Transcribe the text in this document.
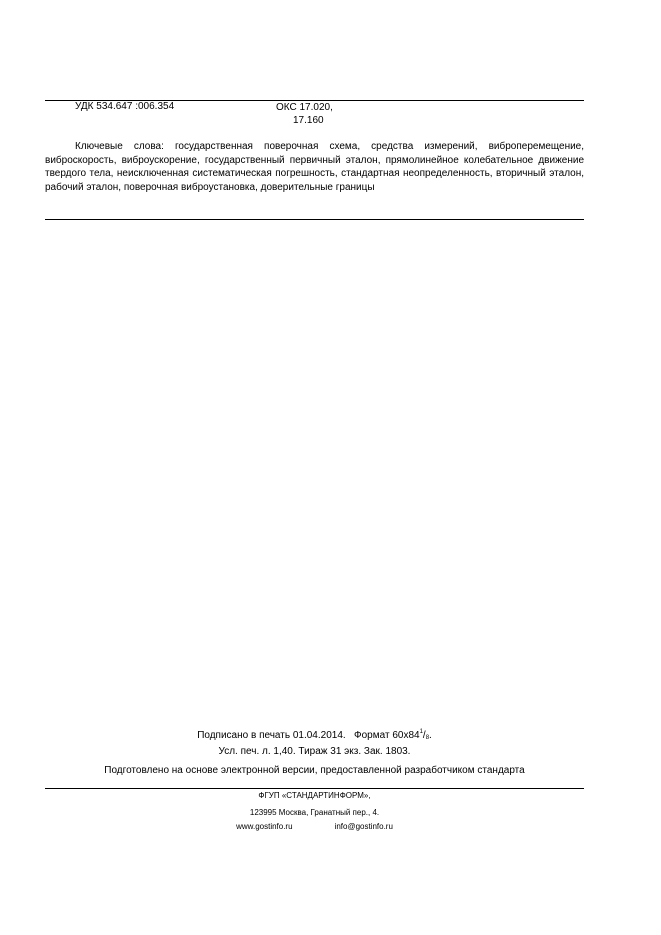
УДК 534.647 :006.354	ОКС 17.020,
17.160
Ключевые слова: государственная поверочная схема, средства измерений, виброперемещение, виброскорость, виброускорение, государственный первичный эталон, прямолинейное колебательное движение твердого тела, неисключенная систематическая погрешность, стандартная неопределенность, вторичный эталон, рабочий эталон, поверочная виброустановка, доверительные границы
Подписано в печать 01.04.2014. Формат $60x84^1/_8$.
Усл. печ. л. 1,40. Тираж 31 экз. Зак. 1803.
Подготовлено на основе электронной версии, предоставленной разработчиком стандарта
ФГУП «СТАНДАРТИНФОРМ»,
123995 Москва, Гранатный пер., 4.
www.gostinfo.ru	info@gostinfo.ru
